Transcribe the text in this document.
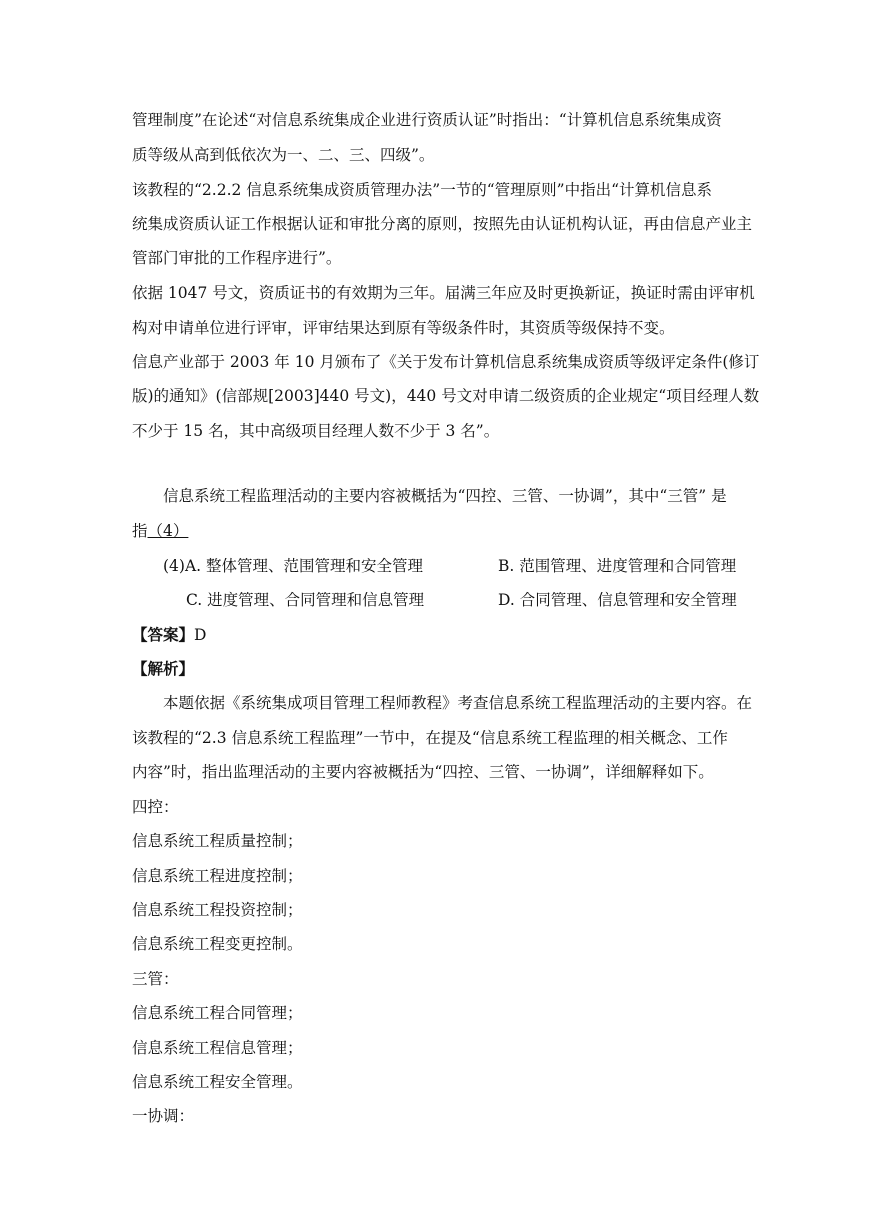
管理制度”在论述“对信息系统集成企业进行资质认证”时指出：“计算机信息系统集成资
质等级从高到低依次为一、二、三、四级”。
该教程的“2.2.2 信息系统集成资质管理办法”一节的“管理原则”中指出“计算机信息系
统集成资质认证工作根据认证和审批分离的原则，按照先由认证机构认证，再由信息产业主
管部门审批的工作程序进行”。
依据 1047 号文，资质证书的有效期为三年。届满三年应及时更换新证，换证时需由评审机
构对申请单位进行评审，评审结果达到原有等级条件时，其资质等级保持不变。
信息产业部于 2003 年 10 月颁布了《关于发布计算机信息系统集成资质等级评定条件(修订
版)的通知》(信部规[2003]440 号文)，440 号文对申请二级资质的企业规定“项目经理人数
不少于 15 名，其中高级项目经理人数不少于 3 名”。
信息系统工程监理活动的主要内容被概括为“四控、三管、一协调”，其中“三管” 是
指（4）
(4)A. 整体管理、范围管理和安全管理	B. 范围管理、进度管理和合同管理
C. 进度管理、合同管理和信息管理	D. 合同管理、信息管理和安全管理
【答案】D
【解析】
本题依据《系统集成项目管理工程师教程》考查信息系统工程监理活动的主要内容。在
该教程的“2.3 信息系统工程监理”一节中，在提及“信息系统工程监理的相关概念、工作
内容”时，指出监理活动的主要内容被概括为“四控、三管、一协调”，详细解释如下。
四控：
信息系统工程质量控制；
信息系统工程进度控制；
信息系统工程投资控制；
信息系统工程变更控制。
三管：
信息系统工程合同管理；
信息系统工程信息管理；
信息系统工程安全管理。
一协调：
